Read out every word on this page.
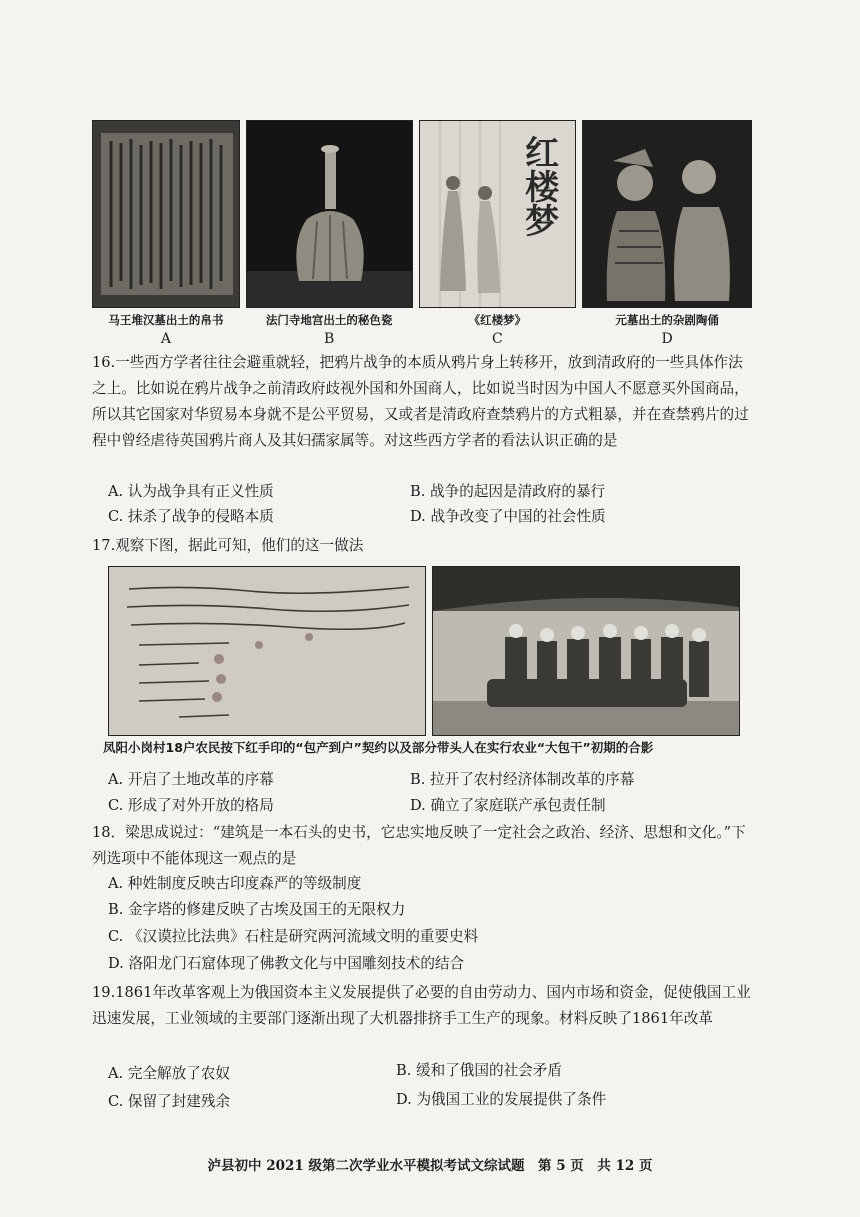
红楼梦
马王堆汉墓出土的帛书	法门寺地宫出土的秘色瓷	《红楼梦》	元墓出土的杂剧陶俑
A	B	C	D
16.一些西方学者往往会避重就轻，把鸦片战争的本质从鸦片身上转移开，放到清政府的一些具体作法之上。比如说在鸦片战争之前清政府歧视外国和外国商人，比如说当时因为中国人不愿意买外国商品，所以其它国家对华贸易本身就不是公平贸易，又或者是清政府查禁鸦片的方式粗暴，并在查禁鸦片的过程中曾经虐待英国鸦片商人及其妇孺家属等。对这些西方学者的看法认识正确的是
A. 认为战争具有正义性质	B. 战争的起因是清政府的暴行
C. 抹杀了战争的侵略本质	D. 战争改变了中国的社会性质
17.观察下图，据此可知，他们的这一做法
凤阳小岗村18户农民按下红手印的“包产到户”契约以及部分带头人在实行农业“大包干”初期的合影
A. 开启了土地改革的序幕	B. 拉开了农村经济体制改革的序幕
C. 形成了对外开放的格局	D. 确立了家庭联产承包责任制
18．梁思成说过：“建筑是一本石头的史书，它忠实地反映了一定社会之政治、经济、思想和文化。”下列选项中不能体现这一观点的是
A. 种姓制度反映古印度森严的等级制度
B. 金字塔的修建反映了古埃及国王的无限权力
C. 《汉谟拉比法典》石柱是研究两河流域文明的重要史料
D. 洛阳龙门石窟体现了佛教文化与中国雕刻技术的结合
19.1861年改革客观上为俄国资本主义发展提供了必要的自由劳动力、国内市场和资金，促使俄国工业迅速发展，工业领域的主要部门逐渐出现了大机器排挤手工生产的现象。材料反映了1861年改革
A. 完全解放了农奴	B. 缓和了俄国的社会矛盾
C. 保留了封建残余	D. 为俄国工业的发展提供了条件
泸县初中 2021 级第二次学业水平模拟考试文综试题　第 5 页　共 12 页
